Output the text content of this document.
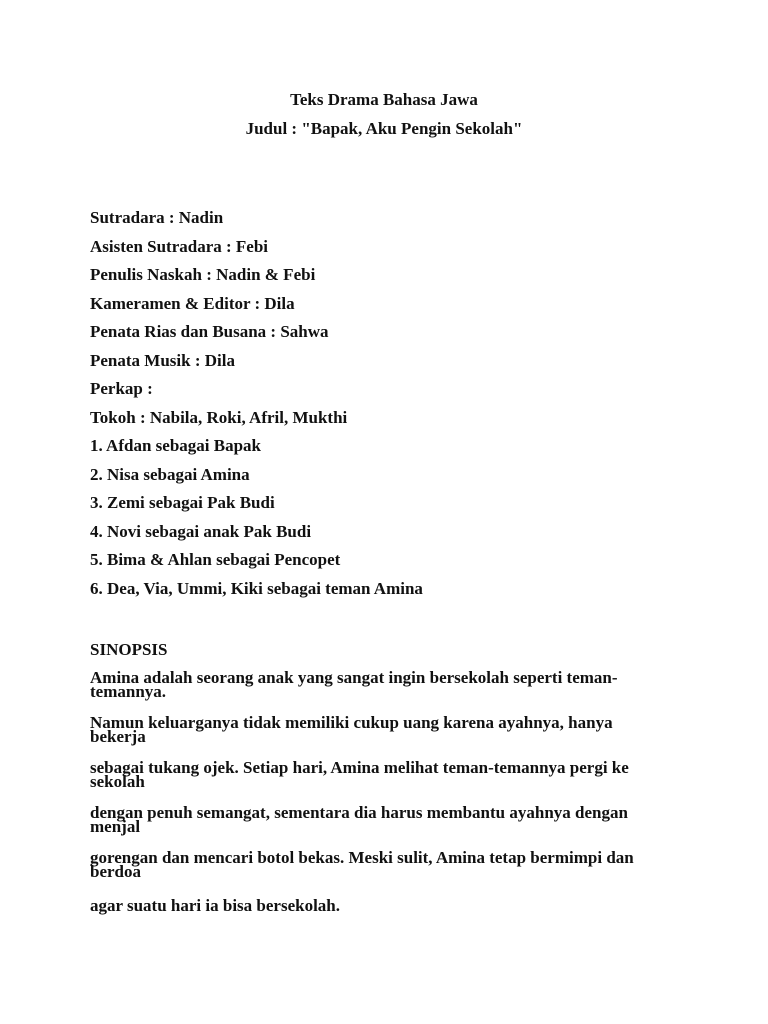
Teks Drama Bahasa Jawa
Judul : "Bapak, Aku Pengin Sekolah"
Sutradara : Nadin
Asisten Sutradara : Febi
Penulis Naskah : Nadin & Febi
Kameramen & Editor : Dila
Penata Rias dan Busana : Sahwa
Penata Musik : Dila
Perkap :
Tokoh : Nabila, Roki, Afril, Mukthi
1. Afdan sebagai Bapak
2. Nisa sebagai Amina
3. Zemi sebagai Pak Budi
4. Novi sebagai anak Pak Budi
5. Bima & Ahlan sebagai Pencopet
6. Dea, Via, Ummi, Kiki sebagai teman Amina
SINOPSIS

Amina adalah seorang anak yang sangat ingin bersekolah seperti teman-temannya.

Namun keluarganya tidak memiliki cukup uang karena ayahnya, hanya bekerja

sebagai tukang ojek. Setiap hari, Amina melihat teman-temannya pergi ke sekolah

dengan penuh semangat, sementara dia harus membantu ayahnya dengan menjal

gorengan dan mencari botol bekas. Meski sulit, Amina tetap bermimpi dan berdoa

agar suatu hari ia bisa bersekolah.
